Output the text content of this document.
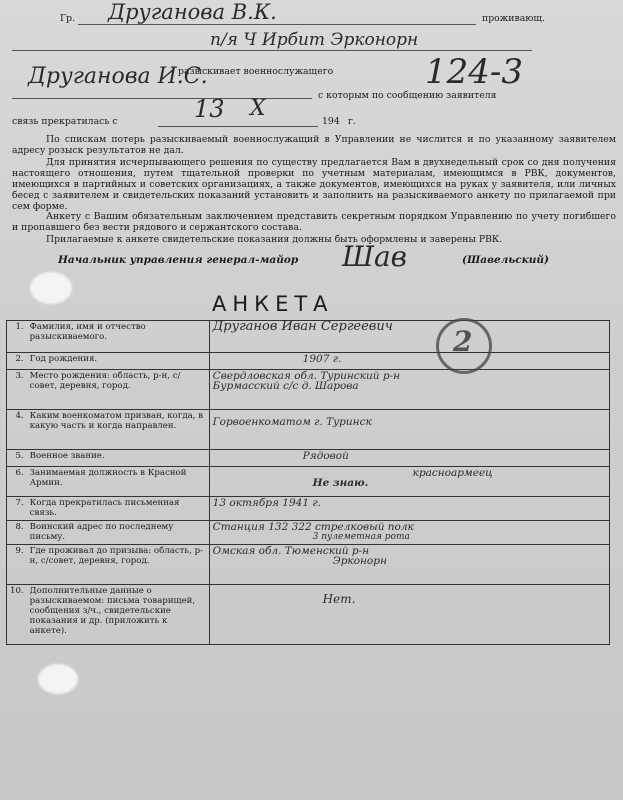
Гр. Друганова В.К.	проживающ.
п/я Ч Ирбит Эрконорн
разыскивает военнослужащего
Друганова И.С.	124-3
с которым по сообщению заявителя
связь прекратилась с	13 X
194 г.
По спискам потерь разыскиваемый военнослужащий в Управлении не числится и по указанному заявителем адресу розыск результатов не дал.
Для принятия исчерпывающего решения по существу предлагается Вам в двухнедельный срок со дня получения настоящего отношения, путем тщательной проверки по учетным материалам, имеющимся в РВК, документов, имеющихся в партийных и советских организациях, а также документов, имеющихся на руках у заявителя, или личных бесед с заявителем и свидетельских показаний установить и заполнить на разыскиваемого анкету по прилагаемой при сем форме.
Анкету с Вашим обязательным заключением представить секретным порядком Управлению по учету погибшего и пропавшего без вести рядового и сержантского состава.
Прилагаемые к анкете свидетельские показания должны быть оформлены и заверены РВК.
Начальник управления генерал-майор Шав	(Шавельский)
АНКЕТА
1.	Фамилия, имя и отчество разыскиваемого.	Друганов Иван Сергеевич
2.	Год рождения.	1907 г.
3.	Место рождения: область, р-н, с/совет, деревня, город.	Свердловская обл. Туринский р-н
Бурмасский с/с д. Шарова

4.	Каким военкоматом призван, когда, в какую часть и когда направлен.	Горвоенкоматом г. Туринск

5.	Военное звание.	Рядовой
6.	Занимаемая должность в Красной Армии.	красноармеец
Не знаю.

7.	Когда прекратилась письменная связь.	13 октября 1941 г.
8.	Воинский адрес по последнему письму.	Станция 132 322 стрелковый полк
3 пулеметная рота

9.	Где проживал до призыва: область, р-н, с/совет, деревня, город.	Омская обл. Тюменский р-н
Эрконорн

10.	Дополнительные данные о разыскиваемом: письма товарищей, сообщения з/ч., свидетельские показания и др. (приложить к анкете).	Нет.
2
